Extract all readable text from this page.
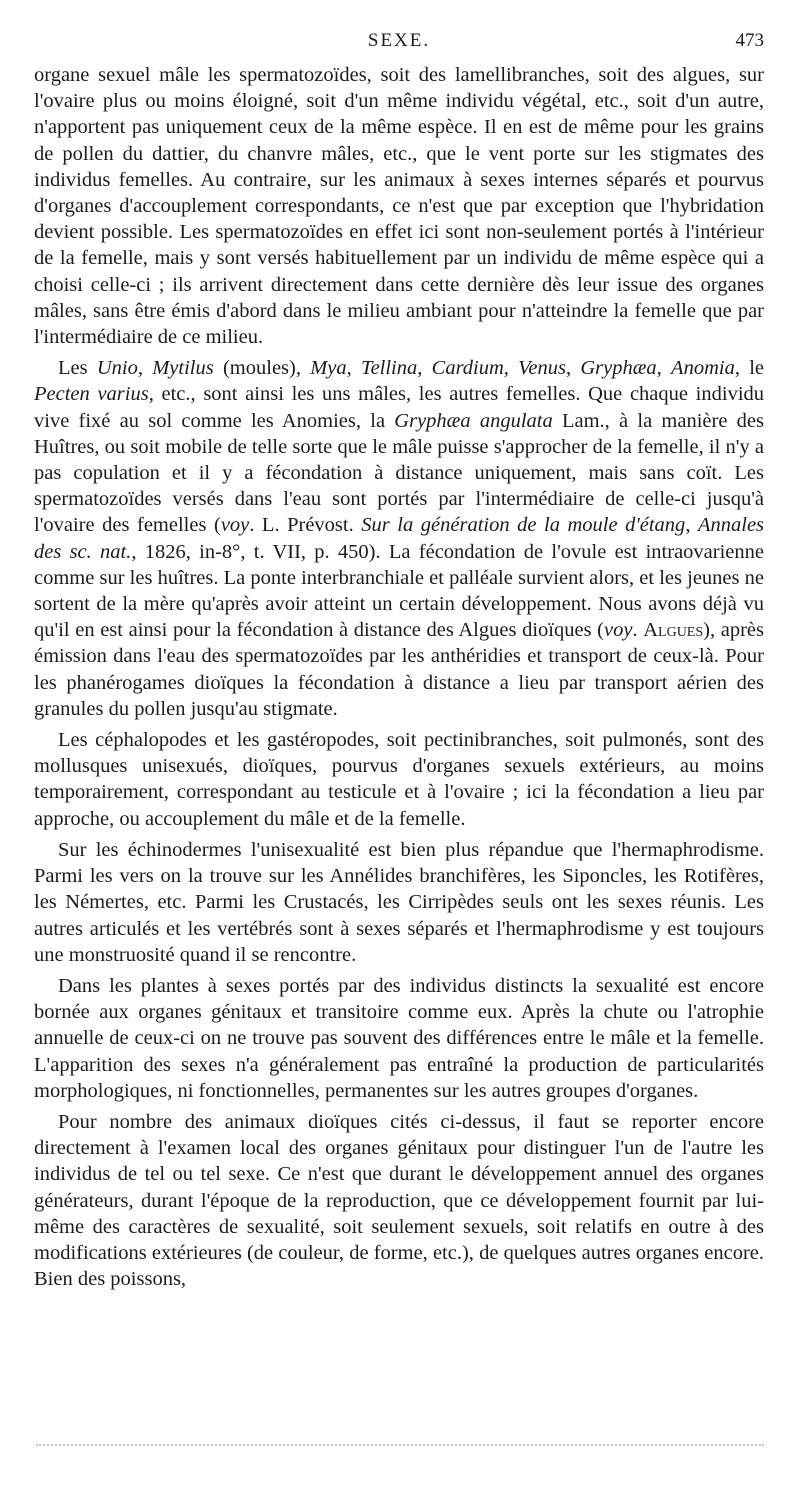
SEXE.	473

organe sexuel mâle les spermatozoïdes, soit des lamellibranches, soit des algues, sur l'ovaire plus ou moins éloigné, soit d'un même individu végétal, etc., soit d'un autre, n'apportent pas uniquement ceux de la même espèce. Il en est de même pour les grains de pollen du dattier, du chanvre mâles, etc., que le vent porte sur les stigmates des individus femelles. Au contraire, sur les animaux à sexes internes séparés et pourvus d'organes d'accouplement correspondants, ce n'est que par exception que l'hybridation devient possible. Les spermatozoïdes en effet ici sont non-seulement portés à l'intérieur de la femelle, mais y sont versés habituellement par un individu de même espèce qui a choisi celle-ci ; ils arrivent directement dans cette dernière dès leur issue des organes mâles, sans être émis d'abord dans le milieu ambiant pour n'atteindre la femelle que par l'intermédiaire de ce milieu.

Les Unio, Mytilus (moules), Mya, Tellina, Cardium, Venus, Gryphæa, Anomia, le Pecten varius, etc., sont ainsi les uns mâles, les autres femelles. Que chaque individu vive fixé au sol comme les Anomies, la Gryphæa angulata Lam., à la manière des Huîtres, ou soit mobile de telle sorte que le mâle puisse s'approcher de la femelle, il n'y a pas copulation et il y a fécondation à distance uniquement, mais sans coït. Les spermatozoïdes versés dans l'eau sont portés par l'intermédiaire de celle-ci jusqu'à l'ovaire des femelles (voy. L. Prévost. Sur la génération de la moule d'étang, Annales des sc. nat., 1826, in-8°, t. VII, p. 450). La fécondation de l'ovule est intraovarienne comme sur les huîtres. La ponte interbranchiale et palléale survient alors, et les jeunes ne sortent de la mère qu'après avoir atteint un certain développement. Nous avons déjà vu qu'il en est ainsi pour la fécondation à distance des Algues dioïques (voy. Algues), après émission dans l'eau des spermatozoïdes par les anthéridies et transport de ceux-là. Pour les phanérogames dioïques la fécondation à distance a lieu par transport aérien des granules du pollen jusqu'au stigmate.

Les céphalopodes et les gastéropodes, soit pectinibranches, soit pulmonés, sont des mollusques unisexués, dioïques, pourvus d'organes sexuels extérieurs, au moins temporairement, correspondant au testicule et à l'ovaire ; ici la fécondation a lieu par approche, ou accouplement du mâle et de la femelle.

Sur les échinodermes l'unisexualité est bien plus répandue que l'hermaphrodisme. Parmi les vers on la trouve sur les Annélides branchifères, les Siponcles, les Rotifères, les Némertes, etc. Parmi les Crustacés, les Cirripèdes seuls ont les sexes réunis. Les autres articulés et les vertébrés sont à sexes séparés et l'hermaphrodisme y est toujours une monstruosité quand il se rencontre.

Dans les plantes à sexes portés par des individus distincts la sexualité est encore bornée aux organes génitaux et transitoire comme eux. Après la chute ou l'atrophie annuelle de ceux-ci on ne trouve pas souvent des différences entre le mâle et la femelle. L'apparition des sexes n'a généralement pas entraîné la production de particularités morphologiques, ni fonctionnelles, permanentes sur les autres groupes d'organes.

Pour nombre des animaux dioïques cités ci-dessus, il faut se reporter encore directement à l'examen local des organes génitaux pour distinguer l'un de l'autre les individus de tel ou tel sexe. Ce n'est que durant le développement annuel des organes générateurs, durant l'époque de la reproduction, que ce développement fournit par lui-même des caractères de sexualité, soit seulement sexuels, soit relatifs en outre à des modifications extérieures (de couleur, de forme, etc.), de quelques autres organes encore. Bien des poissons,
